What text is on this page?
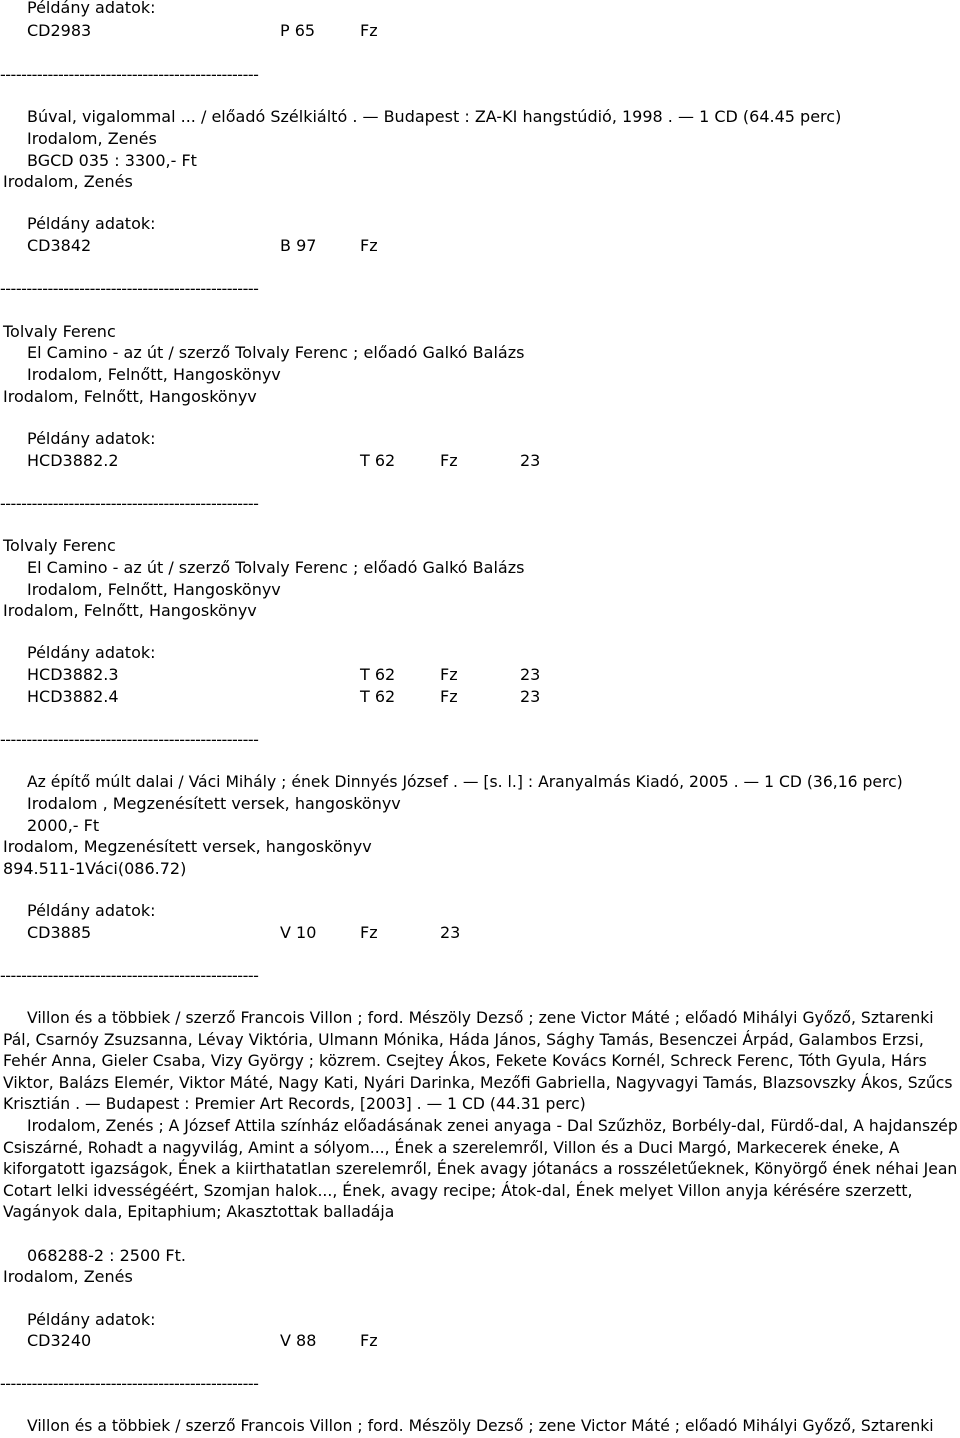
Példány adatok:
CD2983	P 65	Fz
-------------------------------------------------
Búval, vigalommal ... / előadó Szélkiáltó . — Budapest : ZA-KI hangstúdió, 1998 . — 1 CD (64.45 perc)
Irodalom, Zenés
BGCD 035 : 3300,- Ft
Irodalom, Zenés
Példány adatok:
CD3842	B 97	Fz
-------------------------------------------------
Tolvaly Ferenc
El Camino - az út / szerző Tolvaly Ferenc ; előadó Galkó Balázs
Irodalom, Felnőtt, Hangoskönyv
Irodalom, Felnőtt, Hangoskönyv
Példány adatok:
HCD3882.2	T 62	Fz	23
-------------------------------------------------
Tolvaly Ferenc
El Camino - az út / szerző Tolvaly Ferenc ; előadó Galkó Balázs
Irodalom, Felnőtt, Hangoskönyv
Irodalom, Felnőtt, Hangoskönyv
Példány adatok:
HCD3882.3	T 62	Fz	23
HCD3882.4	T 62	Fz	23
-------------------------------------------------
Az építő múlt dalai / Váci Mihály ; ének Dinnyés József . — [s. l.] : Aranyalmás Kiadó, 2005 . — 1 CD (36,16 perc)
Irodalom , Megzenésített versek, hangoskönyv
2000,- Ft
Irodalom, Megzenésített versek, hangoskönyv
894.511-1Váci(086.72)
Példány adatok:
CD3885	V 10	Fz	23
-------------------------------------------------
Villon és a többiek / szerző Francois Villon ; ford. Mészöly Dezső ; zene Victor Máté ; előadó Mihályi Győző, Sztarenki Pál, Csarnóy Zsuzsanna, Lévay Viktória, Ulmann Mónika, Háda János, Sághy Tamás, Besenczei Árpád, Galambos Erzsi, Fehér Anna, Gieler Csaba, Vizy György ; közrem. Csejtey Ákos, Fekete Kovács Kornél, Schreck Ferenc, Tóth Gyula, Hárs Viktor, Balázs Elemér, Viktor Máté, Nagy Kati, Nyári Darinka, Mezőfi Gabriella, Nagyvagyi Tamás, Blazsovszky Ákos, Szűcs Krisztián . — Budapest : Premier Art Records, [2003] . — 1 CD (44.31 perc)
Irodalom, Zenés ; A József Attila színház előadásának zenei anyaga - Dal Szűzhöz, Borbély-dal, Fürdő-dal, A hajdanszép Csiszárné, Rohadt a nagyvilág, Amint a sólyom..., Ének a szerelemről, Villon és a Duci Margó, Markecerek éneke, A kiforgatott igazságok, Ének a kiirthatatlan szerelemről, Ének avagy jótanács a rosszéletűeknek, Könyörgő ének néhai Jean Cotart lelki idvességéért, Szomjan halok..., Ének, avagy recipe; Átok-dal, Ének melyet Villon anyja kérésére szerzett, Vagányok dala, Epitaphium; Akasztottak balladája
068288-2 : 2500 Ft.
Irodalom, Zenés
Példány adatok:
CD3240	V 88	Fz
-------------------------------------------------
Villon és a többiek / szerző Francois Villon ; ford. Mészöly Dezső ; zene Victor Máté ; előadó Mihályi Győző, Sztarenki
